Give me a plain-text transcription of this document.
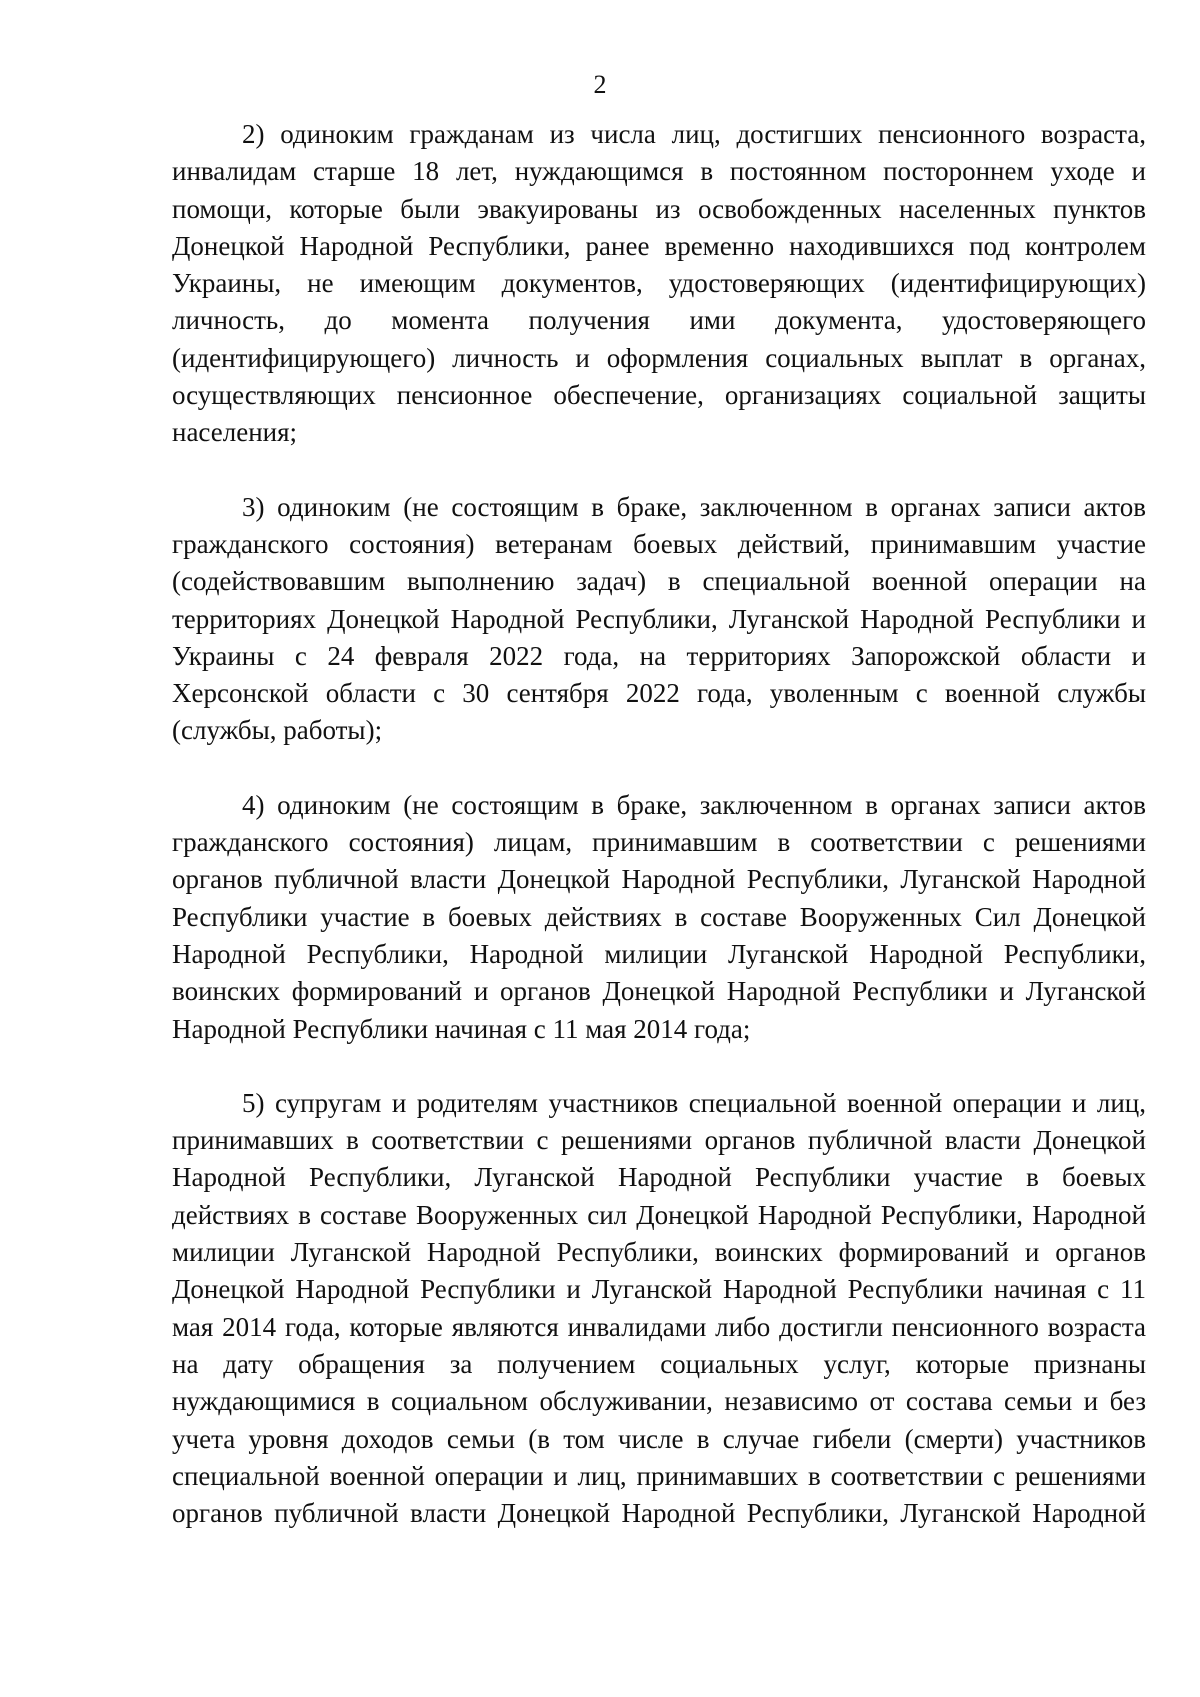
2

2) одиноким гражданам из числа лиц, достигших пенсионного возраста, инвалидам старше 18 лет, нуждающимся в постоянном постороннем уходе и помощи, которые были эвакуированы из освобожденных населенных пунктов Донецкой Народной Республики, ранее временно находившихся под контролем Украины, не имеющим документов, удостоверяющих (идентифицирующих) личность, до момента получения ими документа, удостоверяющего (идентифицирующего) личность и оформления социальных выплат в органах, осуществляющих пенсионное обеспечение, организациях социальной защиты населения;

3) одиноким (не состоящим в браке, заключенном в органах записи актов гражданского состояния) ветеранам боевых действий, принимавшим участие (содействовавшим выполнению задач) в специальной военной операции на территориях Донецкой Народной Республики, Луганской Народной Республики и Украины с 24 февраля 2022 года, на территориях Запорожской области и Херсонской области с 30 сентября 2022 года, уволенным с военной службы (службы, работы);

4) одиноким (не состоящим в браке, заключенном в органах записи актов гражданского состояния) лицам, принимавшим в соответствии с решениями органов публичной власти Донецкой Народной Республики, Луганской Народной Республики участие в боевых действиях в составе Вооруженных Сил Донецкой Народной Республики, Народной милиции Луганской Народной Республики, воинских формирований и органов Донецкой Народной Республики и Луганской Народной Республики начиная с 11 мая 2014 года;

5) супругам и родителям участников специальной военной операции и лиц, принимавших в соответствии с решениями органов публичной власти Донецкой Народной Республики, Луганской Народной Республики участие в боевых действиях в составе Вооруженных сил Донецкой Народной Республики, Народной милиции Луганской Народной Республики, воинских формирований и органов Донецкой Народной Республики и Луганской Народной Республики начиная с 11 мая 2014 года, которые являются инвалидами либо достигли пенсионного возраста на дату обращения за получением социальных услуг, которые признаны нуждающимися в социальном обслуживании, независимо от состава семьи и без учета уровня доходов семьи (в том числе в случае гибели (смерти) участников специальной военной операции и лиц, принимавших в соответствии с решениями органов публичной власти Донецкой Народной Республики, Луганской Народной
